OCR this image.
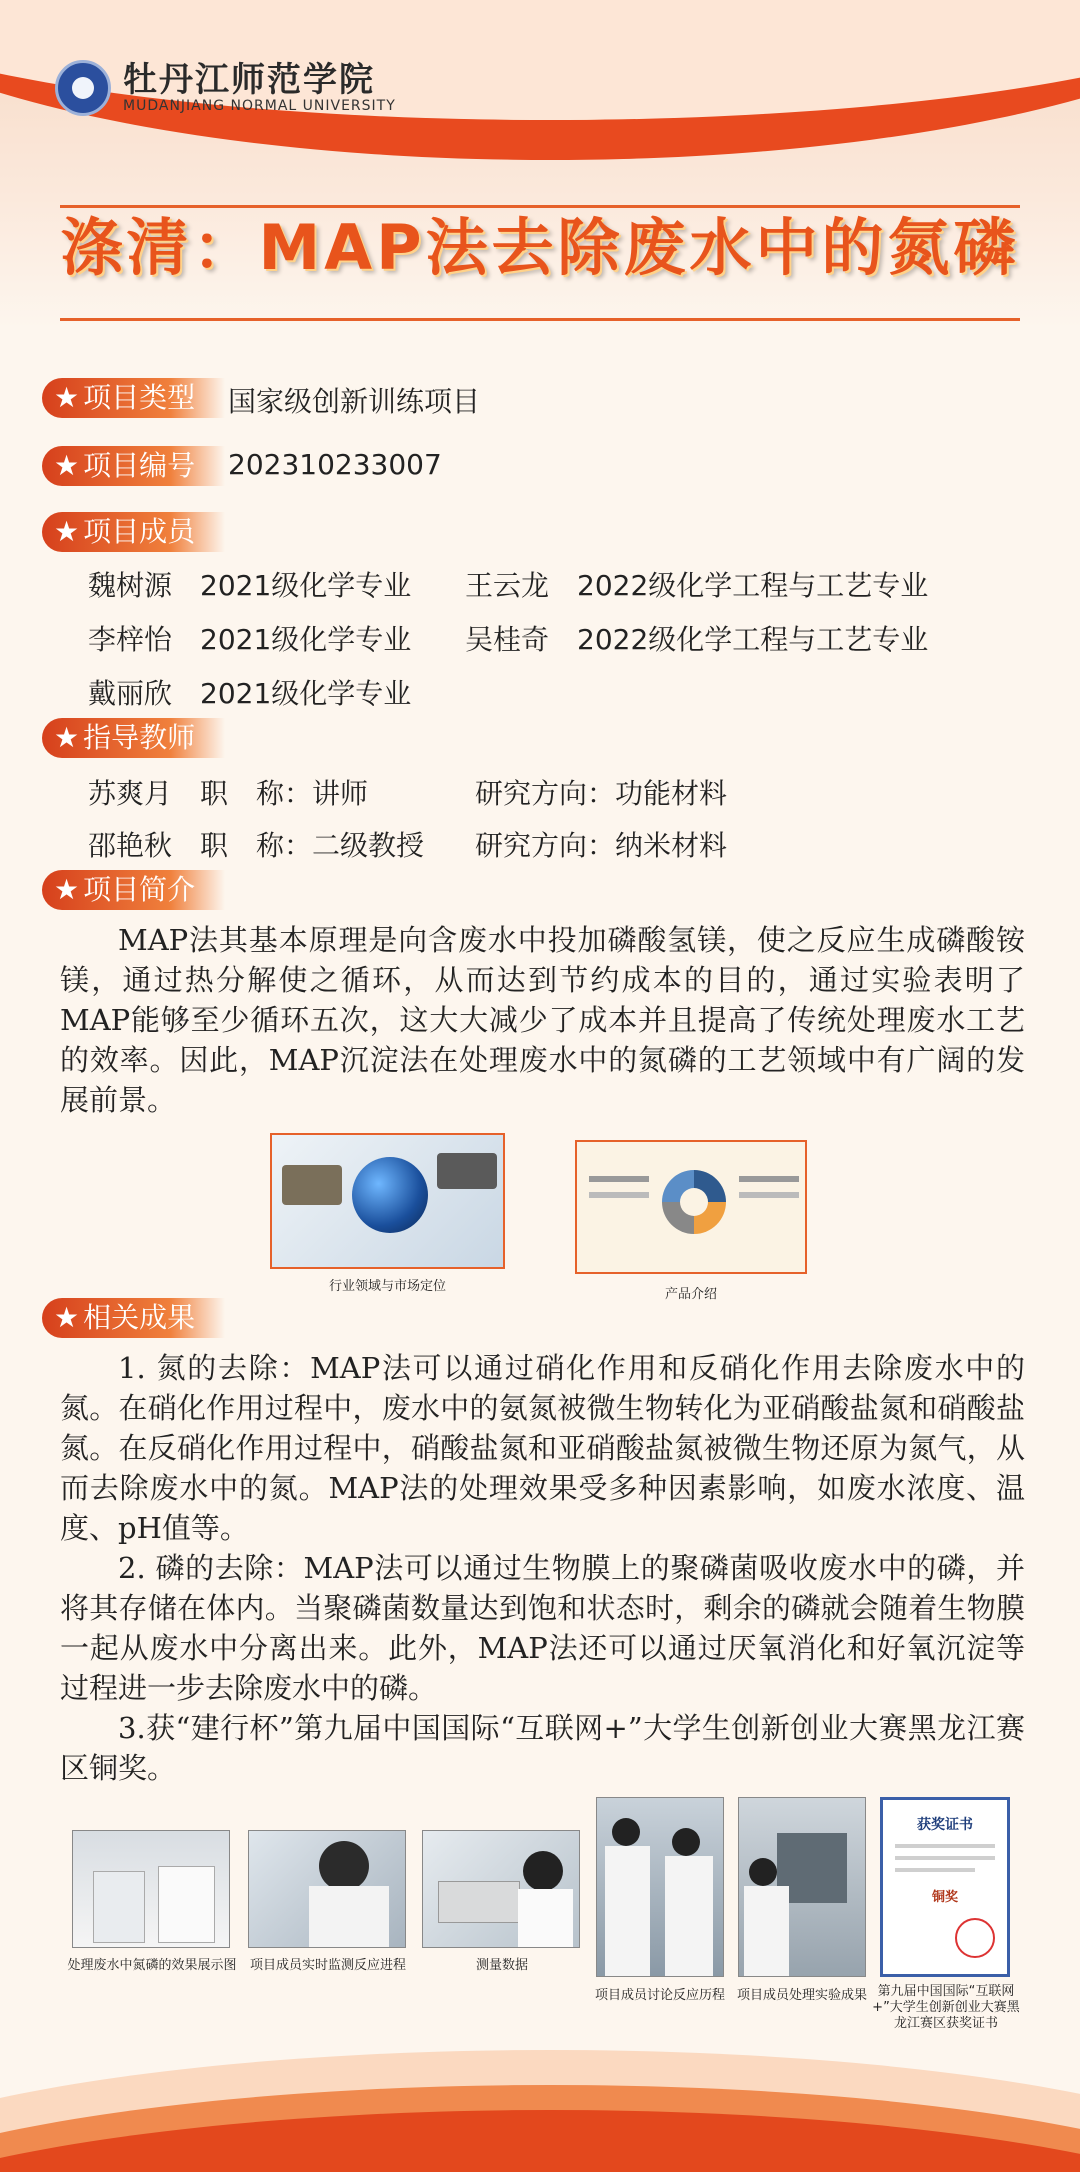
牡丹江师范学院
MUDANJIANG NORMAL UNIVERSITY
涤清：MAP法去除废水中的氮磷
★ 项目类型	国家级创新训练项目
★ 项目编号	202310233007
★ 项目成员
魏树源　 2021级化学专业 王云龙　 2022级化学工程与工艺专业
李梓怡　 2021级化学专业 吴桂奇　 2022级化学工程与工艺专业
戴丽欣　 2021级化学专业
★ 指导教师
苏爽月　 职　称：讲师	研究方向：功能材料
邵艳秋　 职　称：二级教授 研究方向：纳米材料
★ 项目简介

MAP法其基本原理是向含废水中投加磷酸氢镁，使之反应生成磷酸铵镁，通过热分解使之循环，从而达到节约成本的目的，通过实验表明了MAP能够至少循环五次，这大大减少了成本并且提高了传统处理废水工艺的效率。因此，MAP沉淀法在处理废水中的氮磷的工艺领域中有广阔的发展前景。

行业领域与市场定位
产品介绍
★ 相关成果

1. 氮的去除：MAP法可以通过硝化作用和反硝化作用去除废水中的氮。在硝化作用过程中，废水中的氨氮被微生物转化为亚硝酸盐氮和硝酸盐氮。在反硝化作用过程中，硝酸盐氮和亚硝酸盐氮被微生物还原为氮气，从而去除废水中的氮。MAP法的处理效果受多种因素影响，如废水浓度、温度、pH值等。

2. 磷的去除：MAP法可以通过生物膜上的聚磷菌吸收废水中的磷，并将其存储在体内。当聚磷菌数量达到饱和状态时，剩余的磷就会随着生物膜一起从废水中分离出来。此外，MAP法还可以通过厌氧消化和好氧沉淀等过程进一步去除废水中的磷。

3.获“建行杯”第九届中国国际“互联网+”大学生创新创业大赛黑龙江赛区铜奖。

处理废水中氮磷的效果展示图	项目成员实时监测反应进程	测量数据
项目成员讨论反应历程 项目成员处理实验成果
获奖证书
铜奖
第九届中国国际“互联网+”大学生创新创业大赛黑龙江赛区获奖证书
